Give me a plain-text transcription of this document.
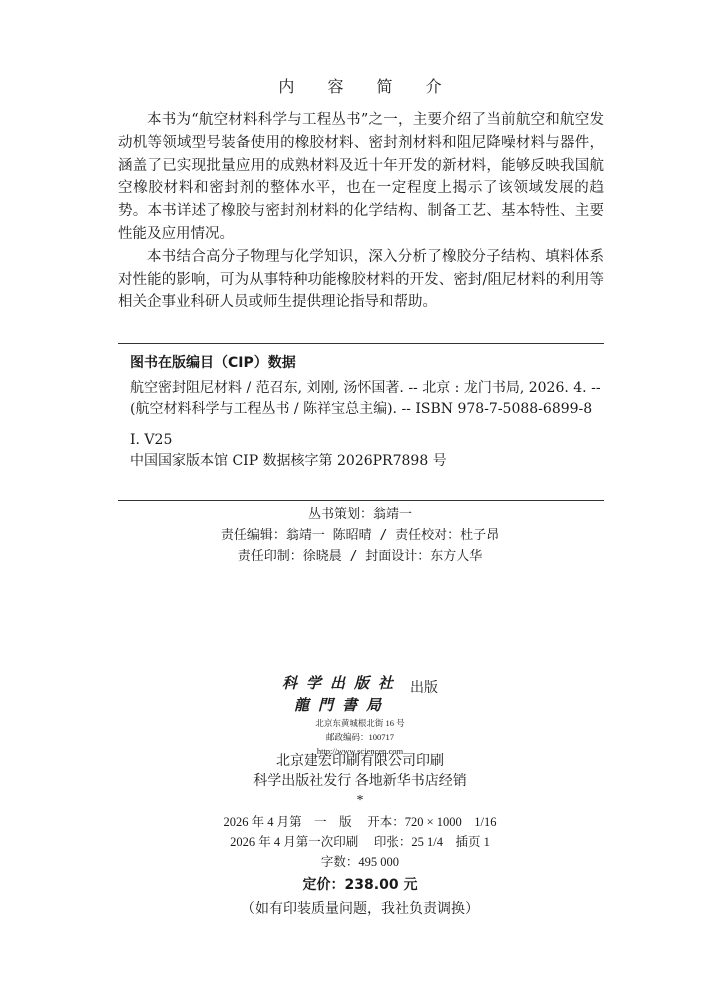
内 容 简 介

本书为“航空材料科学与工程丛书”之一，主要介绍了当前航空和航空发动机等领域型号装备使用的橡胶材料、密封剂材料和阻尼降噪材料与器件，涵盖了已实现批量应用的成熟材料及近十年开发的新材料，能够反映我国航空橡胶材料和密封剂的整体水平，也在一定程度上揭示了该领域发展的趋势。本书详述了橡胶与密封剂材料的化学结构、制备工艺、基本特性、主要性能及应用情况。

本书结合高分子物理与化学知识，深入分析了橡胶分子结构、填料体系对性能的影响，可为从事特种功能橡胶材料的开发、密封/阻尼材料的利用等相关企事业科研人员或师生提供理论指导和帮助。

图书在版编目（CIP）数据
航空密封阻尼材料 / 范召东, 刘刚, 汤怀国著. -- 北京 : 龙门书局, 2026. 4. --(航空材料科学与工程丛书 / 陈祥宝总主编). -- ISBN 978-7-5088-6899-8
I. V25
中国国家版本馆 CIP 数据核字第 2026PR7898 号
丛书策划：翁靖一
责任编辑：翁靖一 陈昭晴 / 责任校对：杜子昂
责任印制：徐晓晨 / 封面设计：东方人华
科学出版社
龍門書局
出版
北京东黄城根北街 16 号
邮政编码：100717
http://www.sciencep.com
北京建宏印刷有限公司印刷
科学出版社发行 各地新华书店经销
*
2026 年 4 月第　一　版　 开本：720 × 1000　1/16
2026 年 4 月第一次印刷　 印张：25 1/4　插页 1
字数：495 000
定价：238.00 元
（如有印装质量问题，我社负责调换）
